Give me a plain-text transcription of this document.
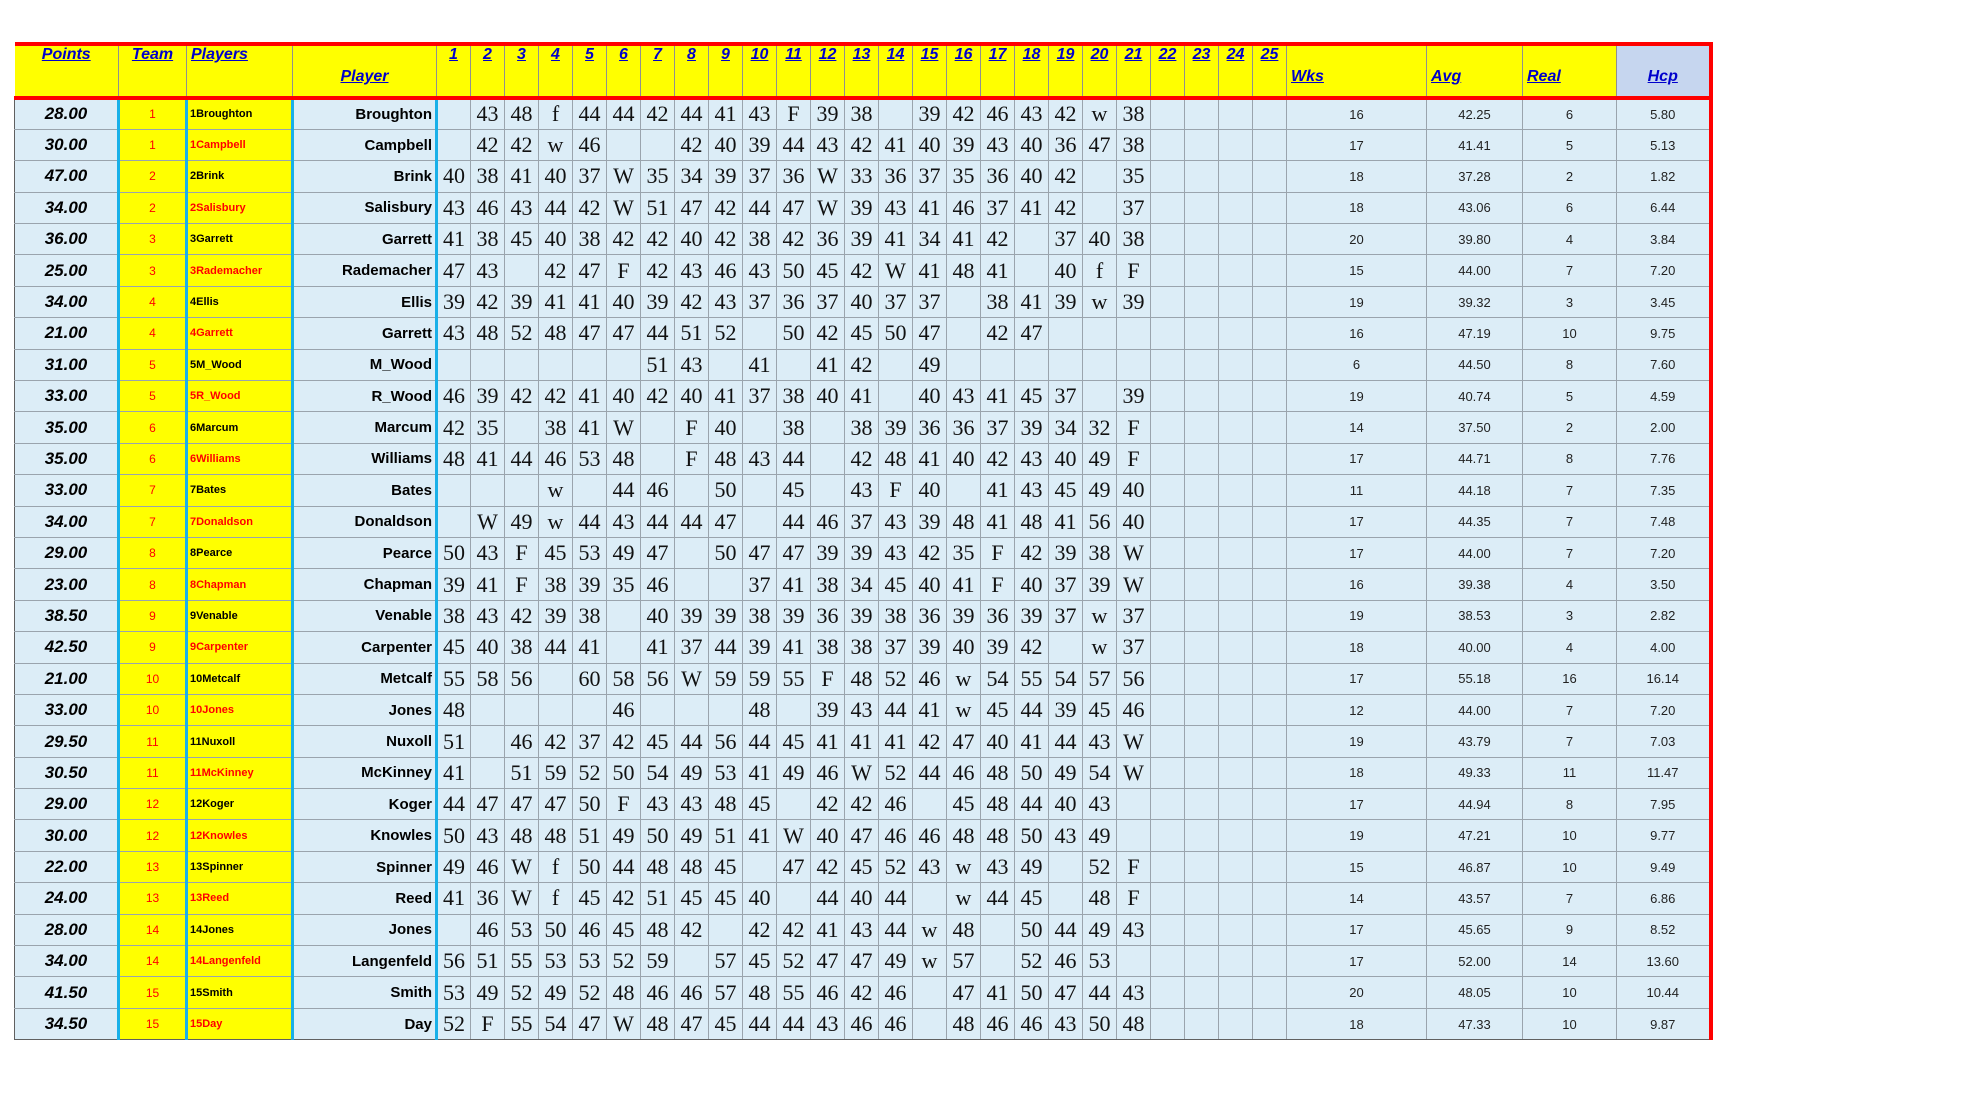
Points	Team	Players	Player	1	2	3	4	5	6	7	8	9	10	11	12	13	14	15	16	17	18	19	20	21	22	23	24	25	Wks	Avg	Real	Hcp
28.00	1	1Broughton	Broughton		43	48	f	44	44	42	44	41	43	F	39	38		39	42	46	43	42	w	38					16	42.25	6	5.80
30.00	1	1Campbell	Campbell		42	42	w	46			42	40	39	44	43	42	41	40	39	43	40	36	47	38					17	41.41	5	5.13
47.00	2	2Brink	Brink	40	38	41	40	37	W	35	34	39	37	36	W	33	36	37	35	36	40	42		35					18	37.28	2	1.82
34.00	2	2Salisbury	Salisbury	43	46	43	44	42	W	51	47	42	44	47	W	39	43	41	46	37	41	42		37					18	43.06	6	6.44
36.00	3	3Garrett	Garrett	41	38	45	40	38	42	42	40	42	38	42	36	39	41	34	41	42		37	40	38					20	39.80	4	3.84
25.00	3	3Rademacher	Rademacher	47	43		42	47	F	42	43	46	43	50	45	42	W	41	48	41		40	f	F					15	44.00	7	7.20
34.00	4	4Ellis	Ellis	39	42	39	41	41	40	39	42	43	37	36	37	40	37	37		38	41	39	w	39					19	39.32	3	3.45
21.00	4	4Garrett	Garrett	43	48	52	48	47	47	44	51	52		50	42	45	50	47		42	47								16	47.19	10	9.75
31.00	5	5M_Wood	M_Wood							51	43		41		41	42		49											6	44.50	8	7.60
33.00	5	5R_Wood	R_Wood	46	39	42	42	41	40	42	40	41	37	38	40	41		40	43	41	45	37		39					19	40.74	5	4.59
35.00	6	6Marcum	Marcum	42	35		38	41	W		F	40		38		38	39	36	36	37	39	34	32	F					14	37.50	2	2.00
35.00	6	6Williams	Williams	48	41	44	46	53	48		F	48	43	44		42	48	41	40	42	43	40	49	F					17	44.71	8	7.76
33.00	7	7Bates	Bates				w		44	46		50		45		43	F	40		41	43	45	49	40					11	44.18	7	7.35
34.00	7	7Donaldson	Donaldson		W	49	w	44	43	44	44	47		44	46	37	43	39	48	41	48	41	56	40					17	44.35	7	7.48
29.00	8	8Pearce	Pearce	50	43	F	45	53	49	47		50	47	47	39	39	43	42	35	F	42	39	38	W					17	44.00	7	7.20
23.00	8	8Chapman	Chapman	39	41	F	38	39	35	46			37	41	38	34	45	40	41	F	40	37	39	W					16	39.38	4	3.50
38.50	9	9Venable	Venable	38	43	42	39	38		40	39	39	38	39	36	39	38	36	39	36	39	37	w	37					19	38.53	3	2.82
42.50	9	9Carpenter	Carpenter	45	40	38	44	41		41	37	44	39	41	38	38	37	39	40	39	42		w	37					18	40.00	4	4.00
21.00	10	10Metcalf	Metcalf	55	58	56		60	58	56	W	59	59	55	F	48	52	46	w	54	55	54	57	56					17	55.18	16	16.14
33.00	10	10Jones	Jones	48					46				48		39	43	44	41	w	45	44	39	45	46					12	44.00	7	7.20
29.50	11	11Nuxoll	Nuxoll	51		46	42	37	42	45	44	56	44	45	41	41	41	42	47	40	41	44	43	W					19	43.79	7	7.03
30.50	11	11McKinney	McKinney	41		51	59	52	50	54	49	53	41	49	46	W	52	44	46	48	50	49	54	W					18	49.33	11	11.47
29.00	12	12Koger	Koger	44	47	47	47	50	F	43	43	48	45		42	42	46		45	48	44	40	43						17	44.94	8	7.95
30.00	12	12Knowles	Knowles	50	43	48	48	51	49	50	49	51	41	W	40	47	46	46	48	48	50	43	49						19	47.21	10	9.77
22.00	13	13Spinner	Spinner	49	46	W	f	50	44	48	48	45		47	42	45	52	43	w	43	49		52	F					15	46.87	10	9.49
24.00	13	13Reed	Reed	41	36	W	f	45	42	51	45	45	40		44	40	44		w	44	45		48	F					14	43.57	7	6.86
28.00	14	14Jones	Jones		46	53	50	46	45	48	42		42	42	41	43	44	w	48		50	44	49	43					17	45.65	9	8.52
34.00	14	14Langenfeld	Langenfeld	56	51	55	53	53	52	59		57	45	52	47	47	49	w	57		52	46	53						17	52.00	14	13.60
41.50	15	15Smith	Smith	53	49	52	49	52	48	46	46	57	48	55	46	42	46		47	41	50	47	44	43					20	48.05	10	10.44
34.50	15	15Day	Day	52	F	55	54	47	W	48	47	45	44	44	43	46	46		48	46	46	43	50	48					18	47.33	10	9.87
